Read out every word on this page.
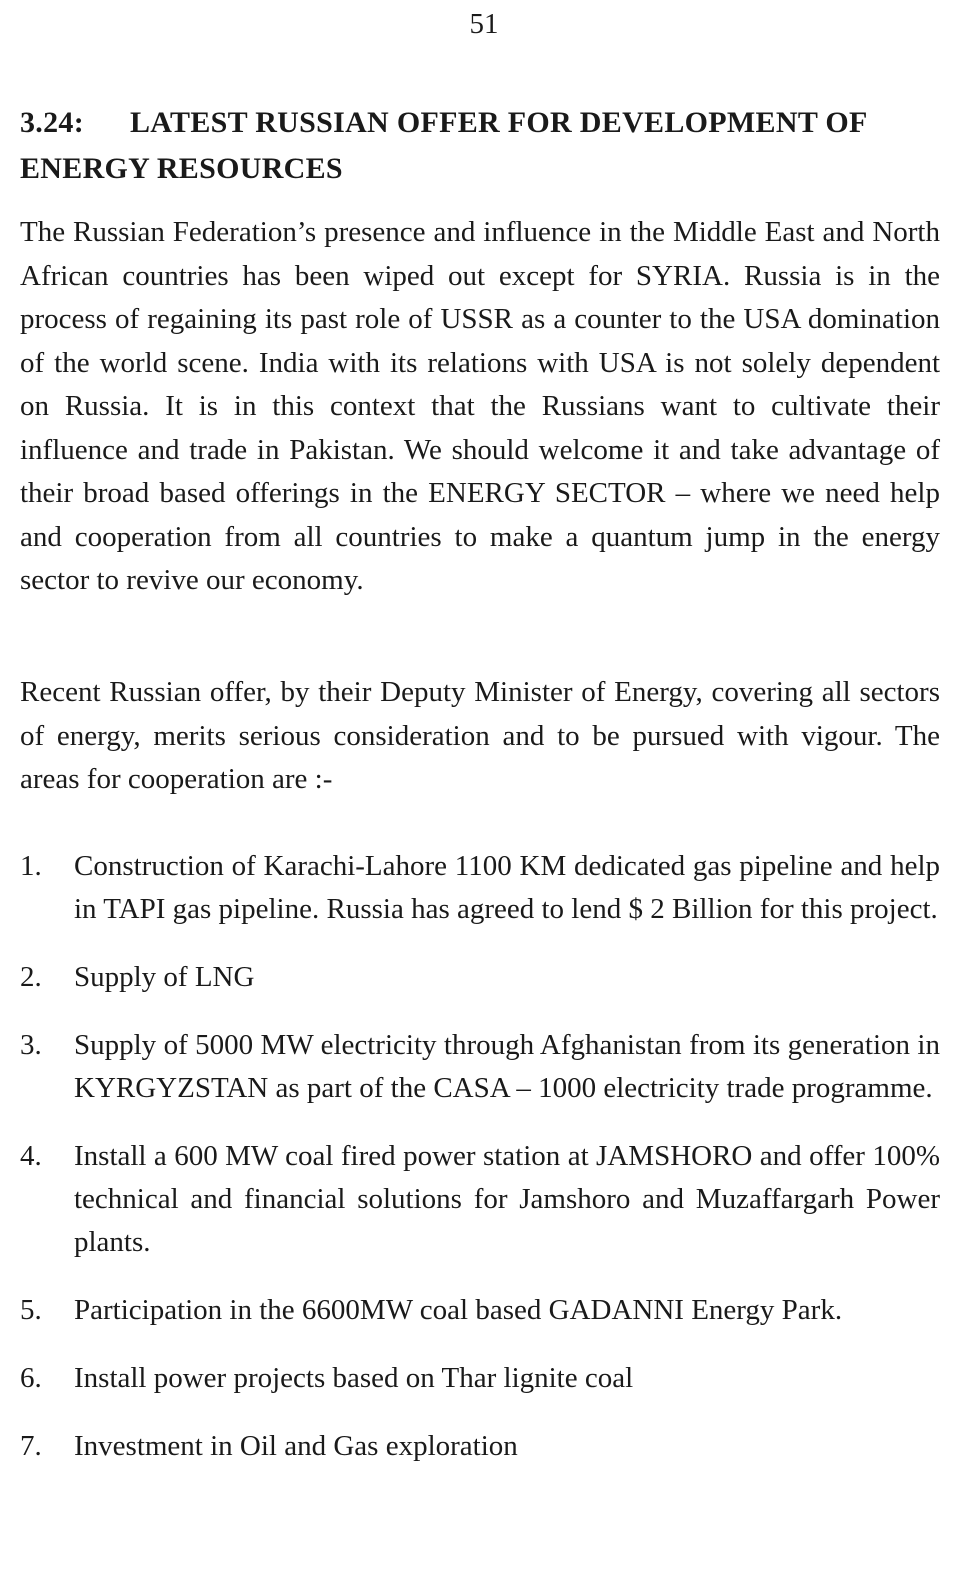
51
3.24: LATEST RUSSIAN OFFER FOR DEVELOPMENT OF ENERGY RESOURCES

The Russian Federation’s presence and influence in the Middle East and North African countries has been wiped out except for SYRIA. Russia is in the process of regaining its past role of USSR as a counter to the USA domination of the world scene. India with its relations with USA is not solely dependent on Russia. It is in this context that the Russians want to cultivate their influence and trade in Pakistan. We should welcome it and take advantage of their broad based offerings in the ENERGY SECTOR – where we need help and cooperation from all countries to make a quantum jump in the energy sector to revive our economy.

Recent Russian offer, by their Deputy Minister of Energy, covering all sectors of energy, merits serious consideration and to be pursued with vigour. The areas for cooperation are :-

1.	Construction of Karachi-Lahore 1100 KM dedicated gas pipeline and help in TAPI gas pipeline. Russia has agreed to lend $ 2 Billion for this project.
2.	Supply of LNG
3.	Supply of 5000 MW electricity through Afghanistan from its generation in KYRGYZSTAN as part of the CASA – 1000 electricity trade programme.
4.	Install a 600 MW coal fired power station at JAMSHORO and offer 100% technical and financial solutions for Jamshoro and Muzaffargarh Power plants.
5.	Participation in the 6600MW coal based GADANNI Energy Park.
6.	Install power projects based on Thar lignite coal
7.	Investment in Oil and Gas exploration
